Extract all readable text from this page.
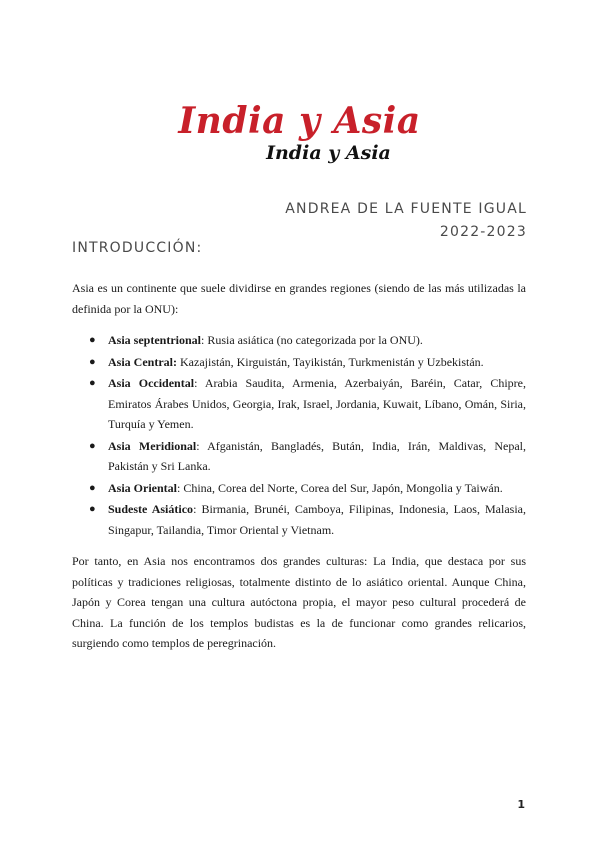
India y Asia
India y Asia
ANDREA DE LA FUENTE IGUAL
2022-2023
INTRODUCCIÓN:
Asia es un continente que suele dividirse en grandes regiones (siendo de las más utilizadas la definida por la ONU):
● Asia septentrional: Rusia asiática (no categorizada por la ONU).
● Asia Central: Kazajistán, Kirguistán, Tayikistán, Turkmenistán y Uzbekistán.
● Asia Occidental: Arabia Saudita, Armenia, Azerbaiyán, Baréin, Catar, Chipre, Emiratos Árabes Unidos, Georgia, Irak, Israel, Jordania, Kuwait, Líbano, Omán, Siria, Turquía y Yemen.
● Asia Meridional: Afganistán, Bangladés, Bután, India, Irán, Maldivas, Nepal, Pakistán y Sri Lanka.
● Asia Oriental: China, Corea del Norte, Corea del Sur, Japón, Mongolia y Taiwán.
● Sudeste Asiático: Birmania, Brunéi, Camboya, Filipinas, Indonesia, Laos, Malasia, Singapur, Tailandia, Timor Oriental y Vietnam.
Por tanto, en Asia nos encontramos dos grandes culturas: La India, que destaca por sus políticas y tradiciones religiosas, totalmente distinto de lo asiático oriental. Aunque China, Japón y Corea tengan una cultura autóctona propia, el mayor peso cultural procederá de China. La función de los templos budistas es la de funcionar como grandes relicarios, surgiendo como templos de peregrinación.
1
